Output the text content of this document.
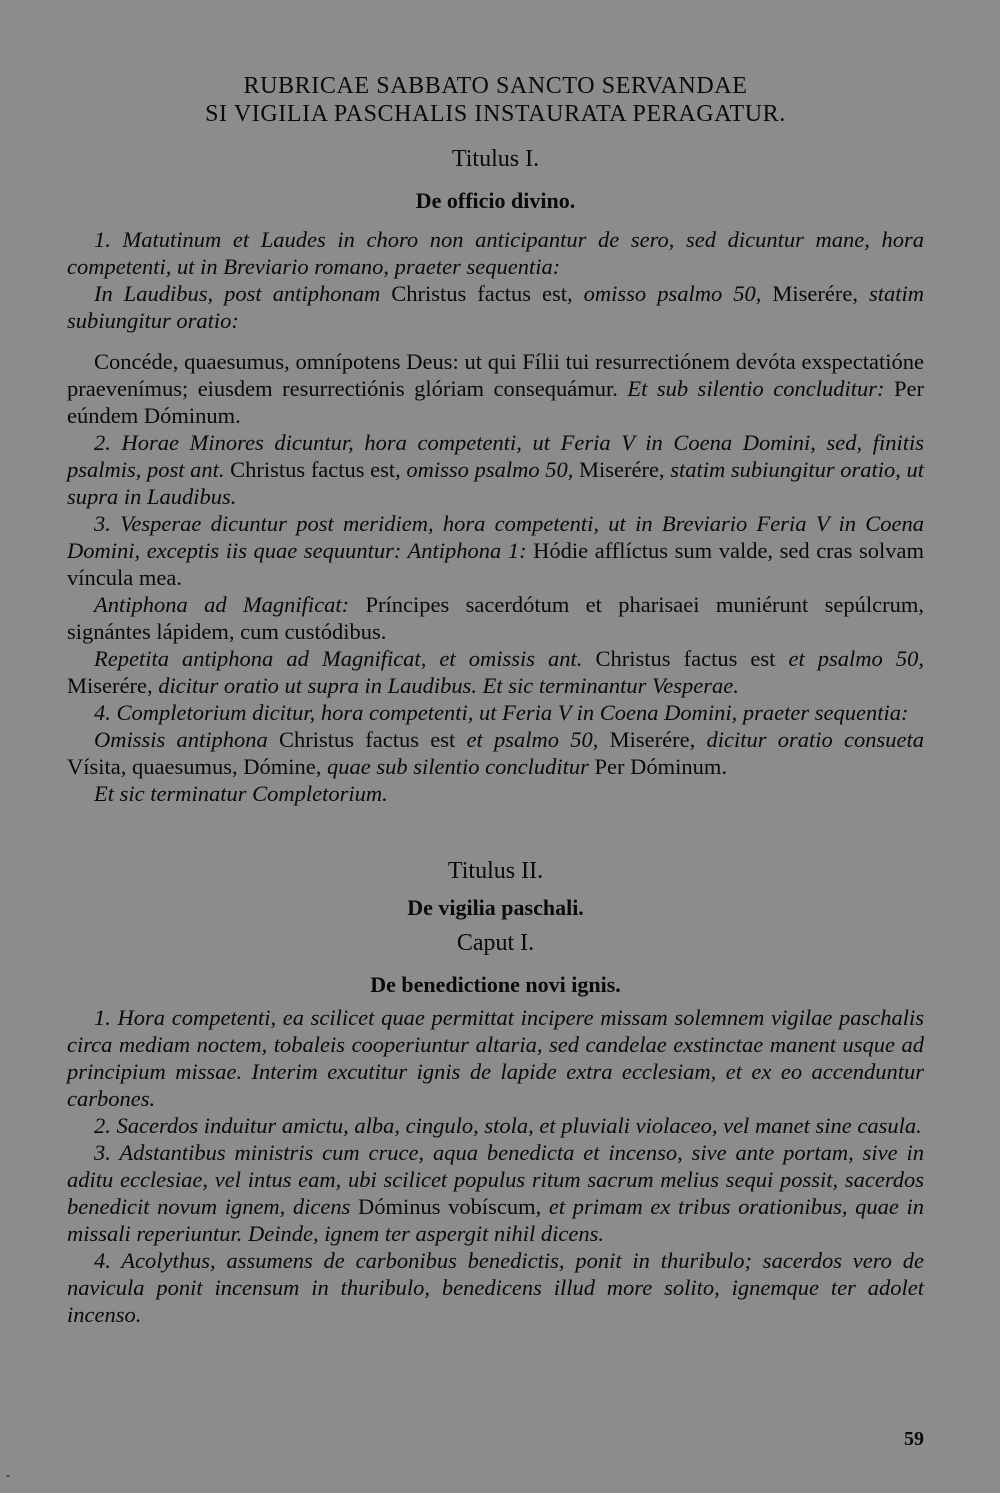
RUBRICAE SABBATO SANCTO SERVANDAE
SI VIGILIA PASCHALIS INSTAURATA PERAGATUR.
Titulus I.
De officio divino.

1. Matutinum et Laudes in choro non anticipantur de sero, sed dicuntur mane, hora competenti, ut in Breviario romano, praeter sequentia:

In Laudibus, post antiphonam Christus factus est, omisso psalmo 50, Miserére, statim subiungitur oratio:

Concéde, quaesumus, omnípotens Deus: ut qui Fílii tui resurrectiónem devóta exspectatióne praevenímus; eiusdem resurrectiónis glóriam consequámur. Et sub silentio concluditur: Per eúndem Dóminum.

2. Horae Minores dicuntur, hora competenti, ut Feria V in Coena Domini, sed, finitis psalmis, post ant. Christus factus est, omisso psalmo 50, Miserére, statim subiungitur oratio, ut supra in Laudibus.

3. Vesperae dicuntur post meridiem, hora competenti, ut in Breviario Feria V in Coena Domini, exceptis iis quae sequuntur: Antiphona 1: Hódie afflíctus sum valde, sed cras solvam víncula mea.

Antiphona ad Magnificat: Príncipes sacerdótum et pharisaei muniérunt sepúlcrum, signántes lápidem, cum custódibus.

Repetita antiphona ad Magnificat, et omissis ant. Christus factus est et psalmo 50, Miserére, dicitur oratio ut supra in Laudibus. Et sic terminantur Vesperae.

4. Completorium dicitur, hora competenti, ut Feria V in Coena Domini, praeter sequentia:

Omissis antiphona Christus factus est et psalmo 50, Miserére, dicitur oratio consueta Vísita, quaesumus, Dómine, quae sub silentio concluditur Per Dóminum.

Et sic terminatur Completorium.

Titulus II.
De vigilia paschali.
Caput I.
De benedictione novi ignis.

1. Hora competenti, ea scilicet quae permittat incipere missam solemnem vigilae paschalis circa mediam noctem, tobaleis cooperiuntur altaria, sed candelae exstinctae manent usque ad principium missae. Interim excutitur ignis de lapide extra ecclesiam, et ex eo accenduntur carbones.

2. Sacerdos induitur amictu, alba, cingulo, stola, et pluviali violaceo, vel manet sine casula.

3. Adstantibus ministris cum cruce, aqua benedicta et incenso, sive ante portam, sive in aditu ecclesiae, vel intus eam, ubi scilicet populus ritum sacrum melius sequi possit, sacerdos benedicit novum ignem, dicens Dóminus vobíscum, et primam ex tribus orationibus, quae in missali reperiuntur. Deinde, ignem ter aspergit nihil dicens.

4. Acolythus, assumens de carbonibus benedictis, ponit in thuribulo; sacerdos vero de navicula ponit incensum in thuribulo, benedicens illud more solito, ignemque ter adolet incenso.

59
-
